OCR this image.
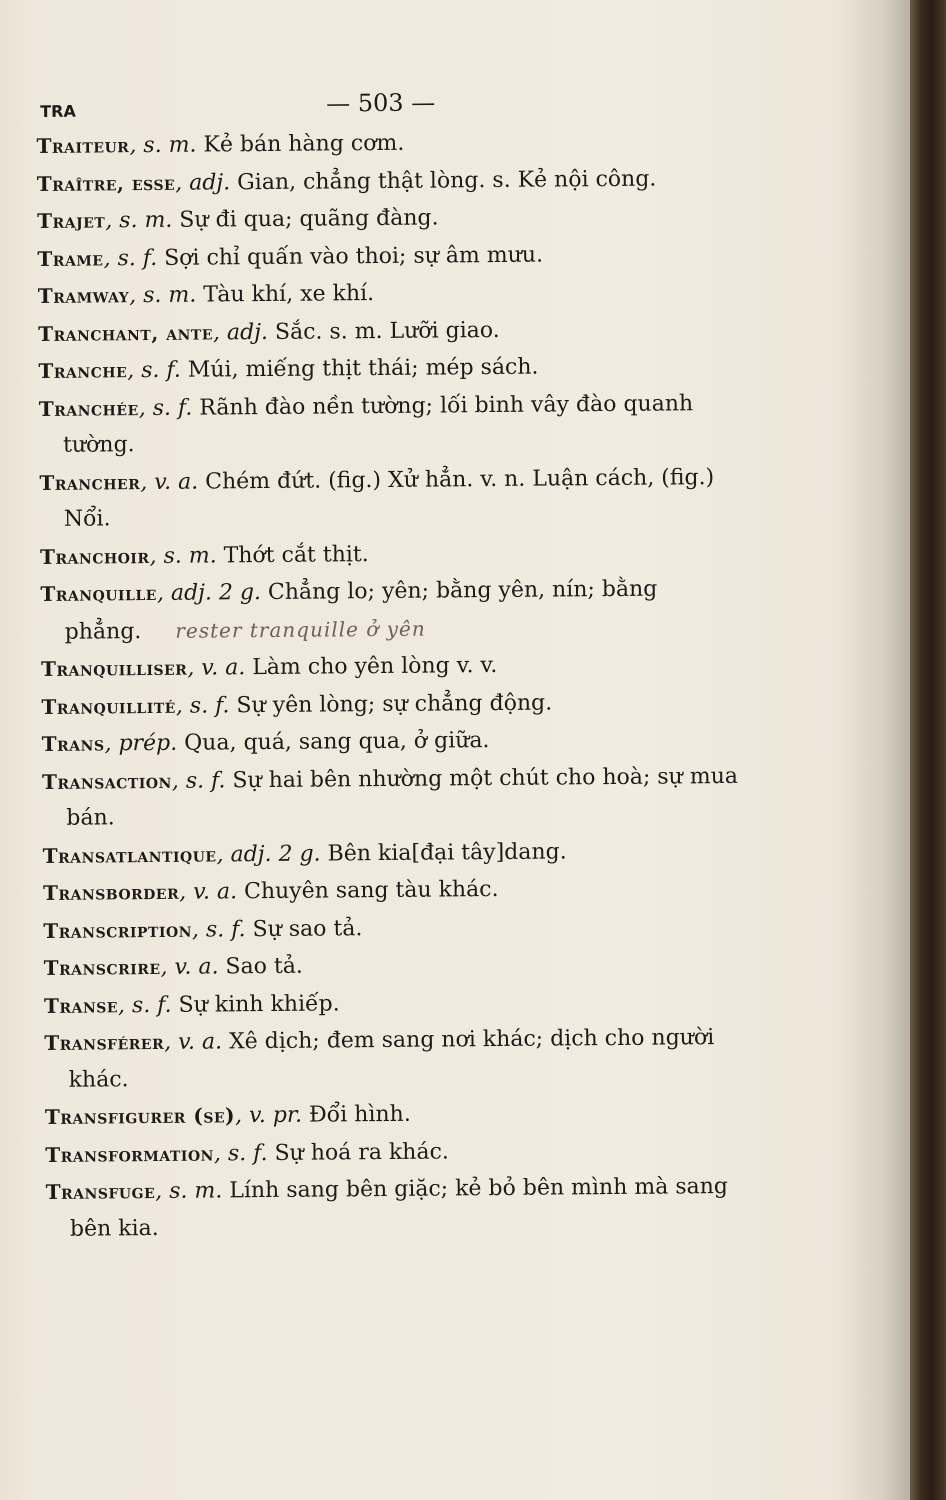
TRA	— 503 —

Traiteur, s. m. Kẻ bán hàng cơm.

Traître, esse, adj. Gian, chẳng thật lòng. s. Kẻ nội công.

Trajet, s. m. Sự đi qua; quãng đàng.

Trame, s. f. Sợi chỉ quấn vào thoi; sự âm mưu.

Tramway, s. m. Tàu khí, xe khí.

Tranchant, ante, adj. Sắc. s. m. Lưỡi giao.

Tranche, s. f. Múi, miếng thịt thái; mép sách.

Tranchée, s. f. Rãnh đào nền tường; lối binh vây đào quanh tường.

Trancher, v. a. Chém đứt. (fig.) Xử hẳn. v. n. Luận cách, (fig.) Nổi.

Tranchoir, s. m. Thớt cắt thịt.

Tranquille, adj. 2 g. Chẳng lo; yên; bằng yên, nín; bằng phẳng. rester tranquille ở yên

Tranquilliser, v. a. Làm cho yên lòng v. v.

Tranquillité, s. f. Sự yên lòng; sự chẳng động.

Trans, prép. Qua, quá, sang qua, ở giữa.

Transaction, s. f. Sự hai bên nhường một chút cho hoà; sự mua bán.

Transatlantique, adj. 2 g. Bên kia[đại tây]dang.

Transborder, v. a. Chuyên sang tàu khác.

Transcription, s. f. Sự sao tả.

Transcrire, v. a. Sao tả.

Transe, s. f. Sự kinh khiếp.

Transférer, v. a. Xê dịch; đem sang nơi khác; dịch cho người khác.

Transfigurer (se), v. pr. Đổi hình.

Transformation, s. f. Sự hoá ra khác.

Transfuge, s. m. Lính sang bên giặc; kẻ bỏ bên mình mà sang bên kia.
